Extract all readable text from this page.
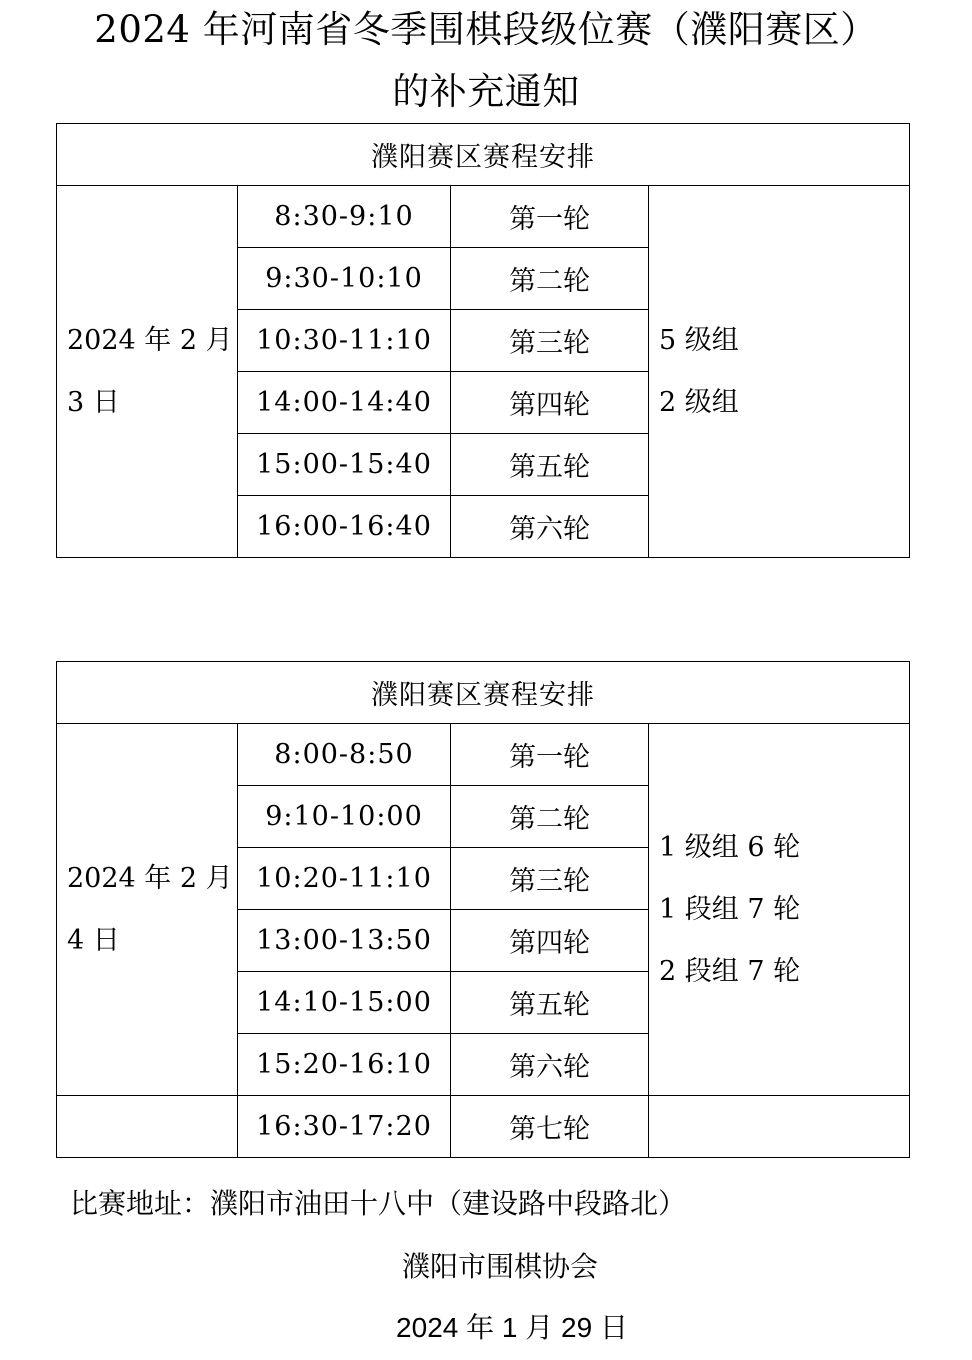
2024 年河南省冬季围棋段级位赛（濮阳赛区）
的补充通知
濮阳赛区赛程安排			

2024 年 2 月
3 日	8:30-9:10	第一轮	5 级组
2 级组

	9:30-10:10	第二轮	
	10:30-11:10	第三轮	
	14:00-14:40	第四轮	
	15:00-15:40	第五轮	
	16:00-16:40	第六轮	
濮阳赛区赛程安排			

2024 年 2 月
4 日	8:00-8:50	第一轮	1 级组 6 轮
1 段组 7 轮
2 段组 7 轮

	9:10-10:00	第二轮	
	10:20-11:10	第三轮	
	13:00-13:50	第四轮	
	14:10-15:00	第五轮	
	15:20-16:10	第六轮	
	16:30-17:20	第七轮	
比赛地址：濮阳市油田十八中（建设路中段路北）
濮阳市围棋协会
2024 年 1 月 29 日
